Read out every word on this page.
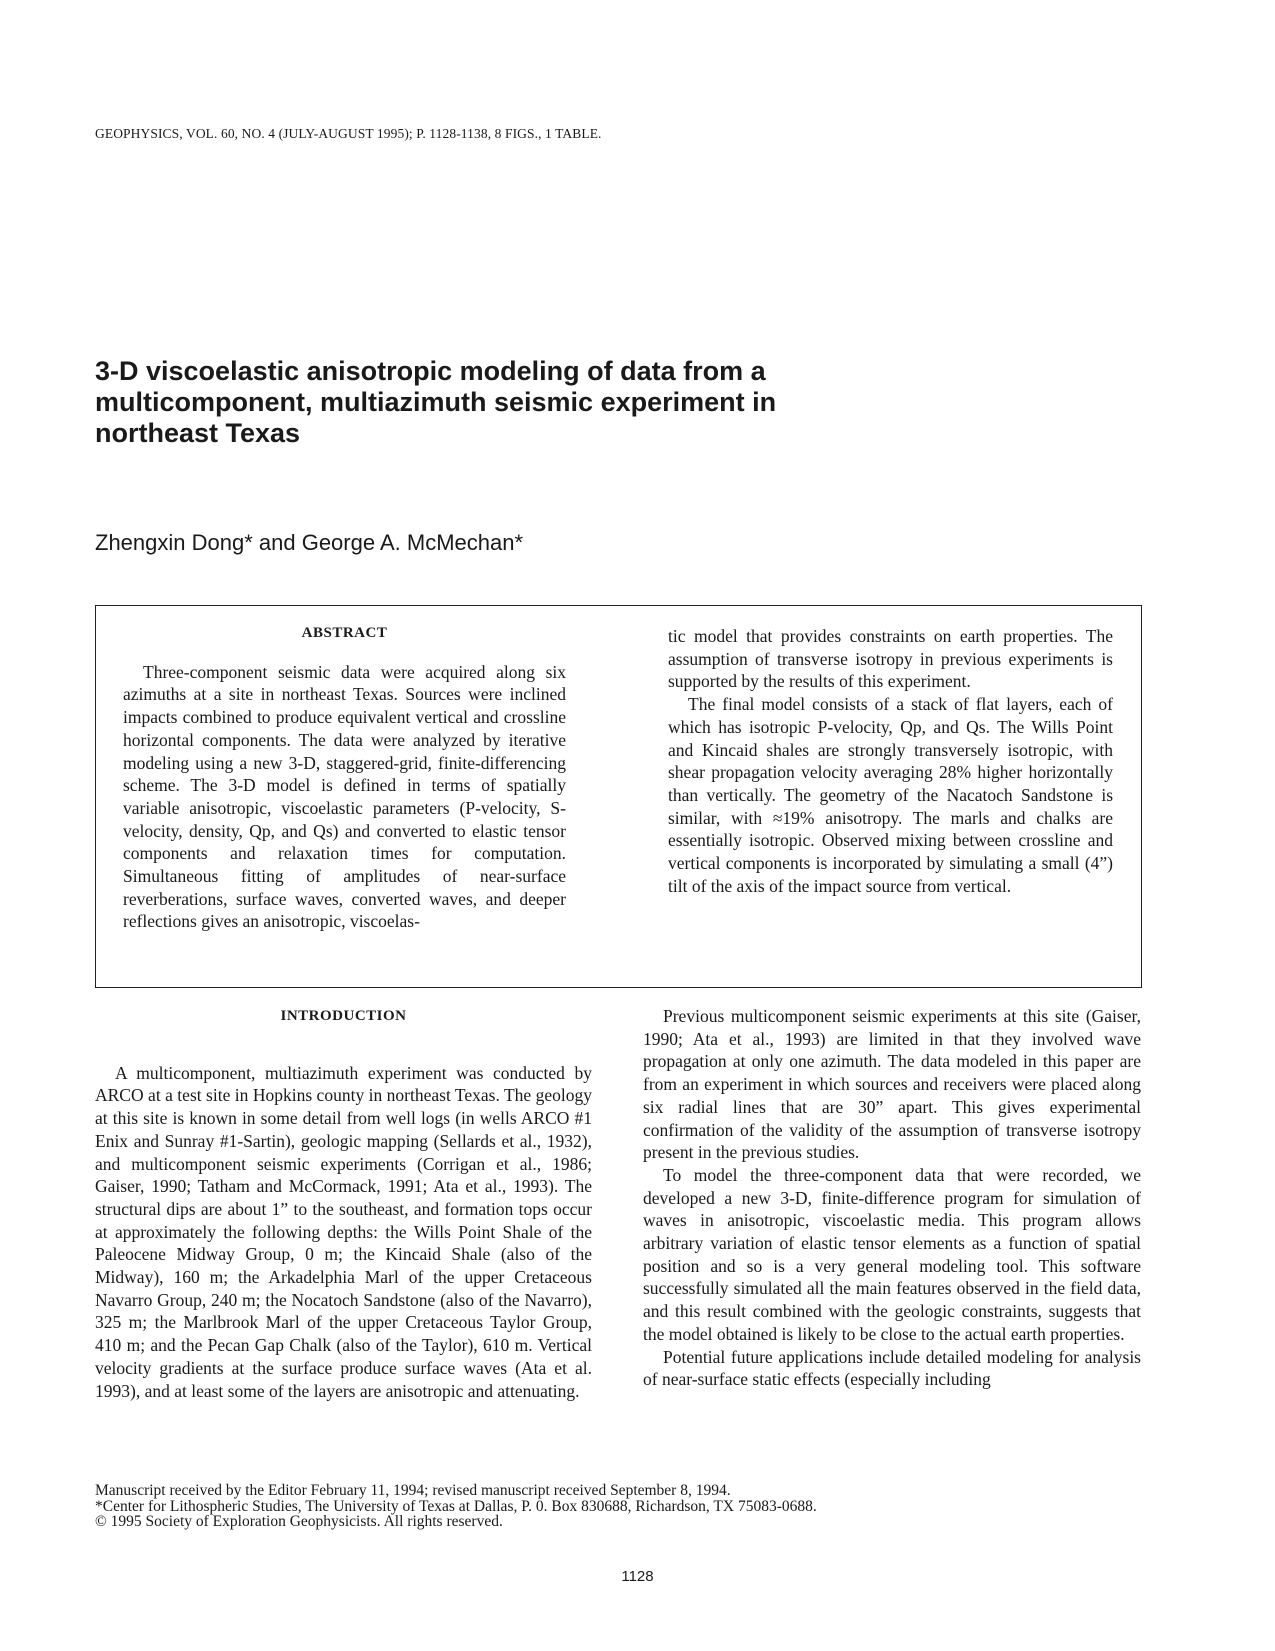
GEOPHYSICS, VOL. 60, NO. 4 (JULY-AUGUST 1995); P. 1128-1138, 8 FIGS., 1 TABLE.
3-D viscoelastic anisotropic modeling of data from a multicomponent, multiazimuth seismic experiment in northeast Texas
Zhengxin Dong* and George A. McMechan*
ABSTRACT

Three-component seismic data were acquired along six azimuths at a site in northeast Texas. Sources were inclined impacts combined to produce equivalent vertical and crossline horizontal components. The data were analyzed by iterative modeling using a new 3-D, staggered-grid, finite-differencing scheme. The 3-D model is defined in terms of spatially variable anisotropic, viscoelastic parameters (P-velocity, S-velocity, density, Qp, and Qs) and converted to elastic tensor components and relaxation times for computation. Simultaneous fitting of amplitudes of near-surface reverberations, surface waves, converted waves, and deeper reflections gives an anisotropic, viscoelas-

tic model that provides constraints on earth properties. The assumption of transverse isotropy in previous experiments is supported by the results of this experiment.

The final model consists of a stack of flat layers, each of which has isotropic P-velocity, Qp, and Qs. The Wills Point and Kincaid shales are strongly transversely isotropic, with shear propagation velocity averaging 28% higher horizontally than vertically. The geometry of the Nacatoch Sandstone is similar, with ≈19% anisotropy. The marls and chalks are essentially isotropic. Observed mixing between crossline and vertical components is incorporated by simulating a small (4”) tilt of the axis of the impact source from vertical.

INTRODUCTION

A multicomponent, multiazimuth experiment was conducted by ARCO at a test site in Hopkins county in northeast Texas. The geology at this site is known in some detail from well logs (in wells ARCO #1 Enix and Sunray #1-Sartin), geologic mapping (Sellards et al., 1932), and multicomponent seismic experiments (Corrigan et al., 1986; Gaiser, 1990; Tatham and McCormack, 1991; Ata et al., 1993). The structural dips are about 1” to the southeast, and formation tops occur at approximately the following depths: the Wills Point Shale of the Paleocene Midway Group, 0 m; the Kincaid Shale (also of the Midway), 160 m; the Arkadelphia Marl of the upper Cretaceous Navarro Group, 240 m; the Nocatoch Sandstone (also of the Navarro), 325 m; the Marlbrook Marl of the upper Cretaceous Taylor Group, 410 m; and the Pecan Gap Chalk (also of the Taylor), 610 m. Vertical velocity gradients at the surface produce surface waves (Ata et al. 1993), and at least some of the layers are anisotropic and attenuating.

Previous multicomponent seismic experiments at this site (Gaiser, 1990; Ata et al., 1993) are limited in that they involved wave propagation at only one azimuth. The data modeled in this paper are from an experiment in which sources and receivers were placed along six radial lines that are 30” apart. This gives experimental confirmation of the validity of the assumption of transverse isotropy present in the previous studies.

To model the three-component data that were recorded, we developed a new 3-D, finite-difference program for simulation of waves in anisotropic, viscoelastic media. This program allows arbitrary variation of elastic tensor elements as a function of spatial position and so is a very general modeling tool. This software successfully simulated all the main features observed in the field data, and this result combined with the geologic constraints, suggests that the model obtained is likely to be close to the actual earth properties.

Potential future applications include detailed modeling for analysis of near-surface static effects (especially including

Manuscript received by the Editor February 11, 1994; revised manuscript received September 8, 1994.
*Center for Lithospheric Studies, The University of Texas at Dallas, P. 0. Box 830688, Richardson, TX 75083-0688.
© 1995 Society of Exploration Geophysicists. All rights reserved.
1128
